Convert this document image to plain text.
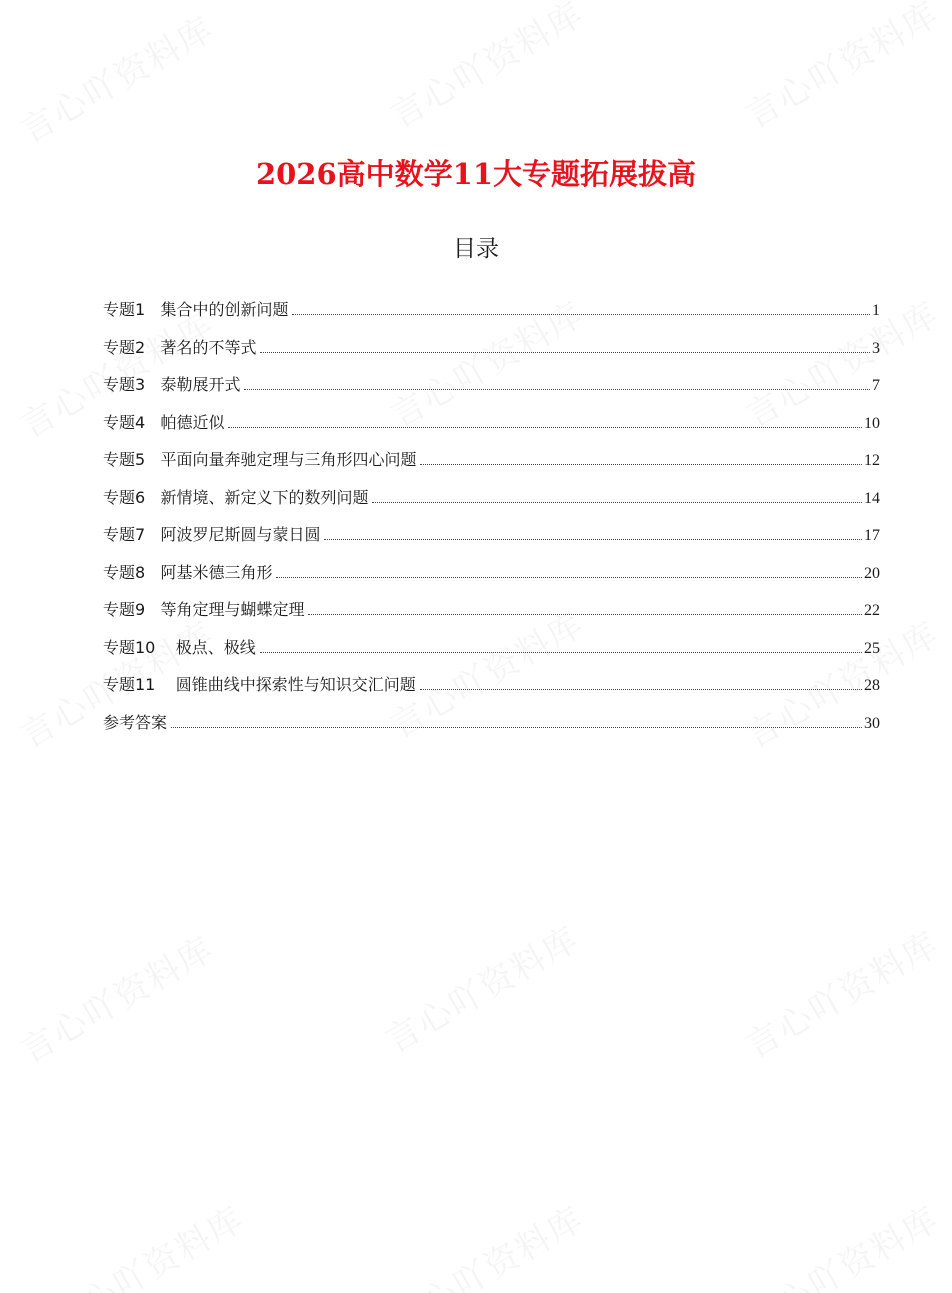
2026高中数学11大专题拓展拔高
目录
专题1   集合中的创新问题	1
专题2   著名的不等式	3
专题3   泰勒展开式	7
专题4   帕德近似	10
专题5   平面向量奔驰定理与三角形四心问题	12
专题6   新情境、新定义下的数列问题	14
专题7   阿波罗尼斯圆与蒙日圆	17
专题8   阿基米德三角形	20
专题9   等角定理与蝴蝶定理	22
专题10    极点、极线	25
专题11    圆锥曲线中探索性与知识交汇问题	28
参考答案	30
